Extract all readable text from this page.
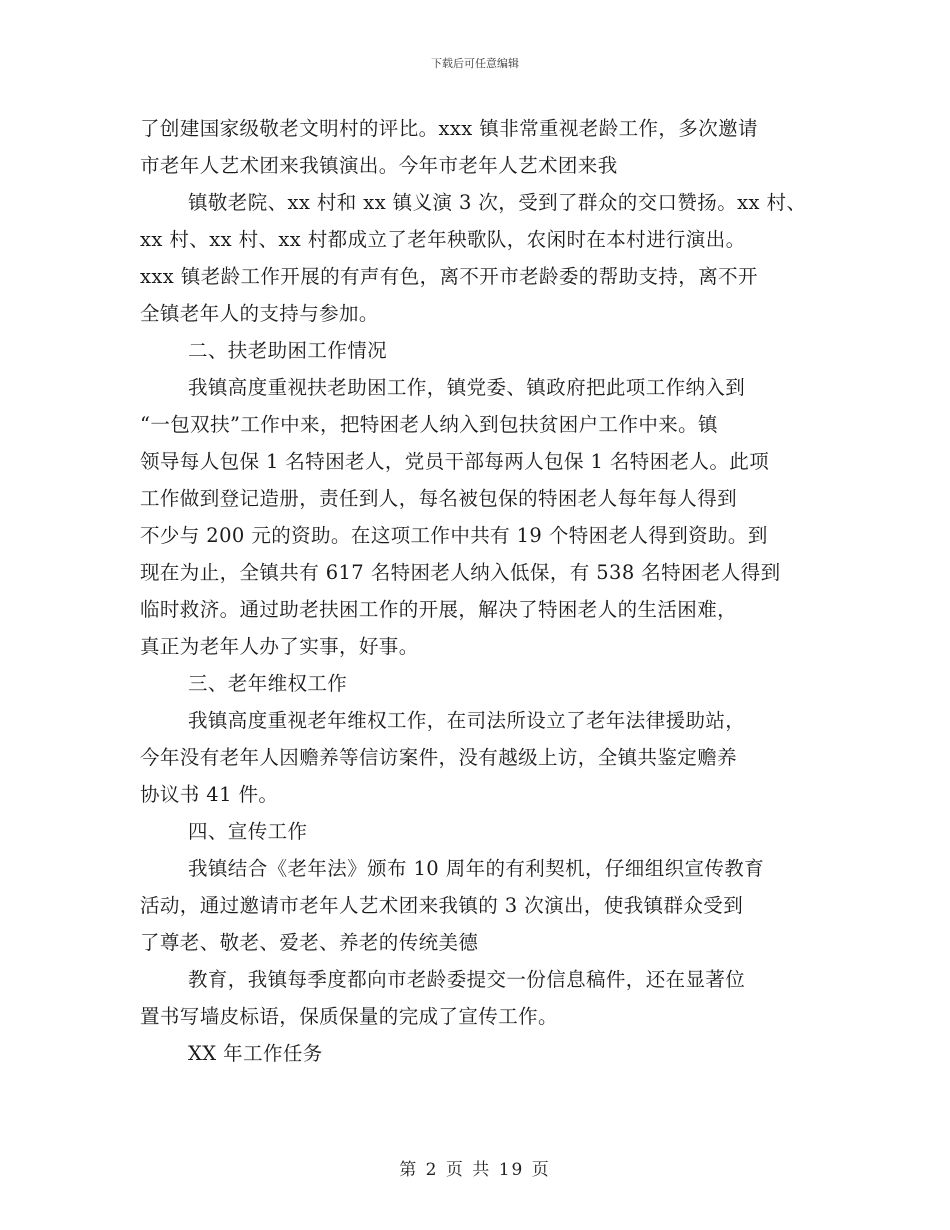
下载后可任意编辑
了创建国家级敬老文明村的评比。xxx 镇非常重视老龄工作，多次邀请
市老年人艺术团来我镇演出。今年市老年人艺术团来我
镇敬老院、xx 村和 xx 镇义演 3 次，受到了群众的交口赞扬。xx 村、
xx 村、xx 村、xx 村都成立了老年秧歌队，农闲时在本村进行演出。
xxx 镇老龄工作开展的有声有色，离不开市老龄委的帮助支持，离不开
全镇老年人的支持与参加。
二、扶老助困工作情况
我镇高度重视扶老助困工作，镇党委、镇政府把此项工作纳入到
“一包双扶”工作中来，把特困老人纳入到包扶贫困户工作中来。镇
领导每人包保 1 名特困老人，党员干部每两人包保 1 名特困老人。此项
工作做到登记造册，责任到人，每名被包保的特困老人每年每人得到
不少与 200 元的资助。在这项工作中共有 19 个特困老人得到资助。到
现在为止，全镇共有 617 名特困老人纳入低保，有 538 名特困老人得到
临时救济。通过助老扶困工作的开展，解决了特困老人的生活困难，
真正为老年人办了实事，好事。
三、老年维权工作
我镇高度重视老年维权工作，在司法所设立了老年法律援助站，
今年没有老年人因赡养等信访案件，没有越级上访，全镇共鉴定赡养
协议书 41 件。
四、宣传工作
我镇结合《老年法》颁布 10 周年的有利契机，仔细组织宣传教育
活动，通过邀请市老年人艺术团来我镇的 3 次演出，使我镇群众受到
了尊老、敬老、爱老、养老的传统美德
教育，我镇每季度都向市老龄委提交一份信息稿件，还在显著位
置书写墙皮标语，保质保量的完成了宣传工作。
XX 年工作任务
第 2 页 共 19 页
